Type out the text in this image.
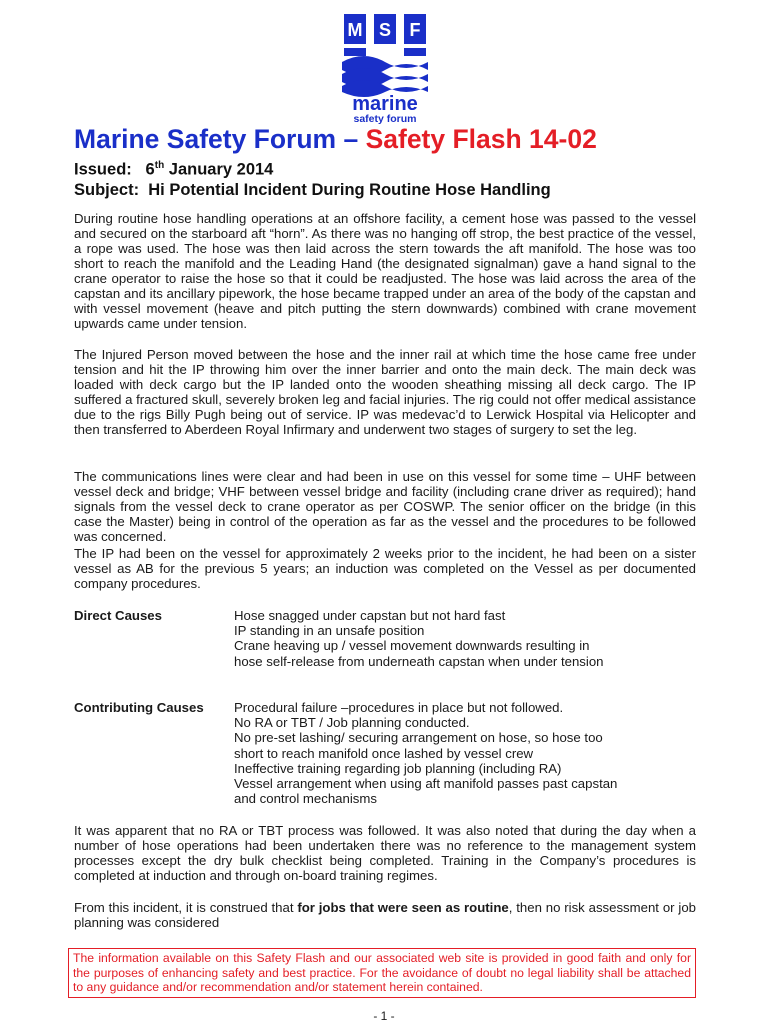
M S F
marine
safety forum
Marine Safety Forum – Safety Flash 14-02

Issued: 6th January 2014

Subject: Hi Potential Incident During Routine Hose Handling

During routine hose handling operations at an offshore facility, a cement hose was passed to the vessel and secured on the starboard aft “horn”. As there was no hanging off strop, the best practice of the vessel, a rope was used. The hose was then laid across the stern towards the aft manifold. The hose was too short to reach the manifold and the Leading Hand (the designated signalman) gave a hand signal to the crane operator to raise the hose so that it could be readjusted. The hose was laid across the area of the capstan and its ancillary pipework, the hose became trapped under an area of the body of the capstan and with vessel movement (heave and pitch putting the stern downwards) combined with crane movement upwards came under tension.

The Injured Person moved between the hose and the inner rail at which time the hose came free under tension and hit the IP throwing him over the inner barrier and onto the main deck. The main deck was loaded with deck cargo but the IP landed onto the wooden sheathing missing all deck cargo. The IP suffered a fractured skull, severely broken leg and facial injuries. The rig could not offer medical assistance due to the rigs Billy Pugh being out of service. IP was medevac’d to Lerwick Hospital via Helicopter and then transferred to Aberdeen Royal Infirmary and underwent two stages of surgery to set the leg.

The communications lines were clear and had been in use on this vessel for some time – UHF between vessel deck and bridge; VHF between vessel bridge and facility (including crane driver as required); hand signals from the vessel deck to crane operator as per COSWP. The senior officer on the bridge (in this case the Master) being in control of the operation as far as the vessel and the procedures to be followed was concerned.

The IP had been on the vessel for approximately 2 weeks prior to the incident, he had been on a sister vessel as AB for the previous 5 years; an induction was completed on the Vessel as per documented company procedures.

Direct Causes	Hose snagged under capstan but not hard fast
IP standing in an unsafe position
Crane heaving up / vessel movement downwards resulting in hose self-release from underneath capstan when under tension
Contributing Causes Procedural failure –procedures in place but not followed.
No RA or TBT / Job planning conducted.
No pre-set lashing/ securing arrangement on hose, so hose too short to reach manifold once lashed by vessel crew
Ineffective training regarding job planning (including RA)
Vessel arrangement when using aft manifold passes past capstan and control mechanisms

It was apparent that no RA or TBT process was followed. It was also noted that during the day when a number of hose operations had been undertaken there was no reference to the management system processes except the dry bulk checklist being completed. Training in the Company’s procedures is completed at induction and through on-board training regimes.

From this incident, it is construed that for jobs that were seen as routine, then no risk assessment or job planning was considered

The information available on this Safety Flash and our associated web site is provided in good faith and only for the purposes of enhancing safety and best practice. For the avoidance of doubt no legal liability shall be attached to any guidance and/or recommendation and/or statement herein contained.

- 1 -
